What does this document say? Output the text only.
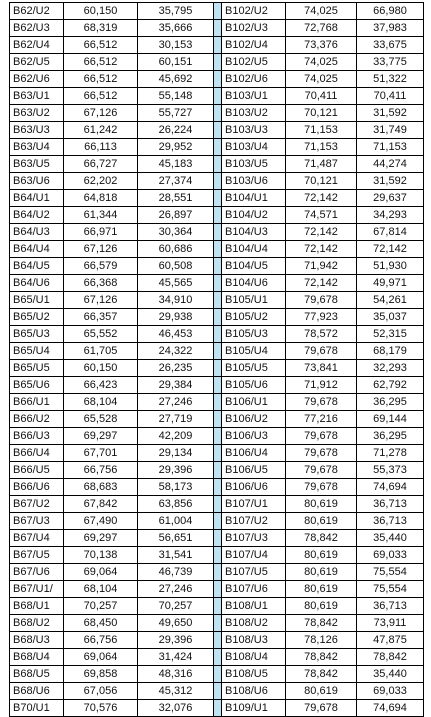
B62/U2	60,150	35,795		B102/U2	74,025	66,980
B62/U3	68,319	35,666		B102/U3	72,768	37,983
B62/U4	66,512	30,153		B102/U4	73,376	33,675
B62/U5	66,512	60,151		B102/U5	74,025	33,775
B62/U6	66,512	45,692		B102/U6	74,025	51,322
B63/U1	66,512	55,148		B103/U1	70,411	70,411
B63/U2	67,126	55,727		B103/U2	70,121	31,592
B63/U3	61,242	26,224		B103/U3	71,153	31,749
B63/U4	66,113	29,952		B103/U4	71,153	71,153
B63/U5	66,727	45,183		B103/U5	71,487	44,274
B63/U6	62,202	27,374		B103/U6	70,121	31,592
B64/U1	64,818	28,551		B104/U1	72,142	29,637
B64/U2	61,344	26,897		B104/U2	74,571	34,293
B64/U3	66,971	30,364		B104/U3	72,142	67,814
B64/U4	67,126	60,686		B104/U4	72,142	72,142
B64/U5	66,579	60,508		B104/U5	71,942	51,930
B64/U6	66,368	45,565		B104/U6	72,142	49,971
B65/U1	67,126	34,910		B105/U1	79,678	54,261
B65/U2	66,357	29,938		B105/U2	77,923	35,037
B65/U3	65,552	46,453		B105/U3	78,572	52,315
B65/U4	61,705	24,322		B105/U4	79,678	68,179
B65/U5	60,150	26,235		B105/U5	73,841	32,293
B65/U6	66,423	29,384		B105/U6	71,912	62,792
B66/U1	68,104	27,246		B106/U1	79,678	36,295
B66/U2	65,528	27,719		B106/U2	77,216	69,144
B66/U3	69,297	42,209		B106/U3	79,678	36,295
B66/U4	67,701	29,134		B106/U4	79,678	71,278
B66/U5	66,756	29,396		B106/U5	79,678	55,373
B66/U6	68,683	58,173		B106/U6	79,678	74,694
B67/U2	67,842	63,856		B107/U1	80,619	36,713
B67/U3	67,490	61,004		B107/U2	80,619	36,713
B67/U4	69,297	56,651		B107/U3	78,842	35,440
B67/U5	70,138	31,541		B107/U4	80,619	69,033
B67/U6	69,064	46,739		B107/U5	80,619	75,554
B67/U1/	68,104	27,246		B107/U6	80,619	75,554
B68/U1	70,257	70,257		B108/U1	80,619	36,713
B68/U2	68,450	49,650		B108/U2	78,842	73,911
B68/U3	66,756	29,396		B108/U3	78,126	47,875
B68/U4	69,064	31,424		B108/U4	78,842	78,842
B68/U5	69,858	48,316		B108/U5	78,842	35,440
B68/U6	67,056	45,312		B108/U6	80,619	69,033
B70/U1	70,576	32,076		B109/U1	79,678	74,694
